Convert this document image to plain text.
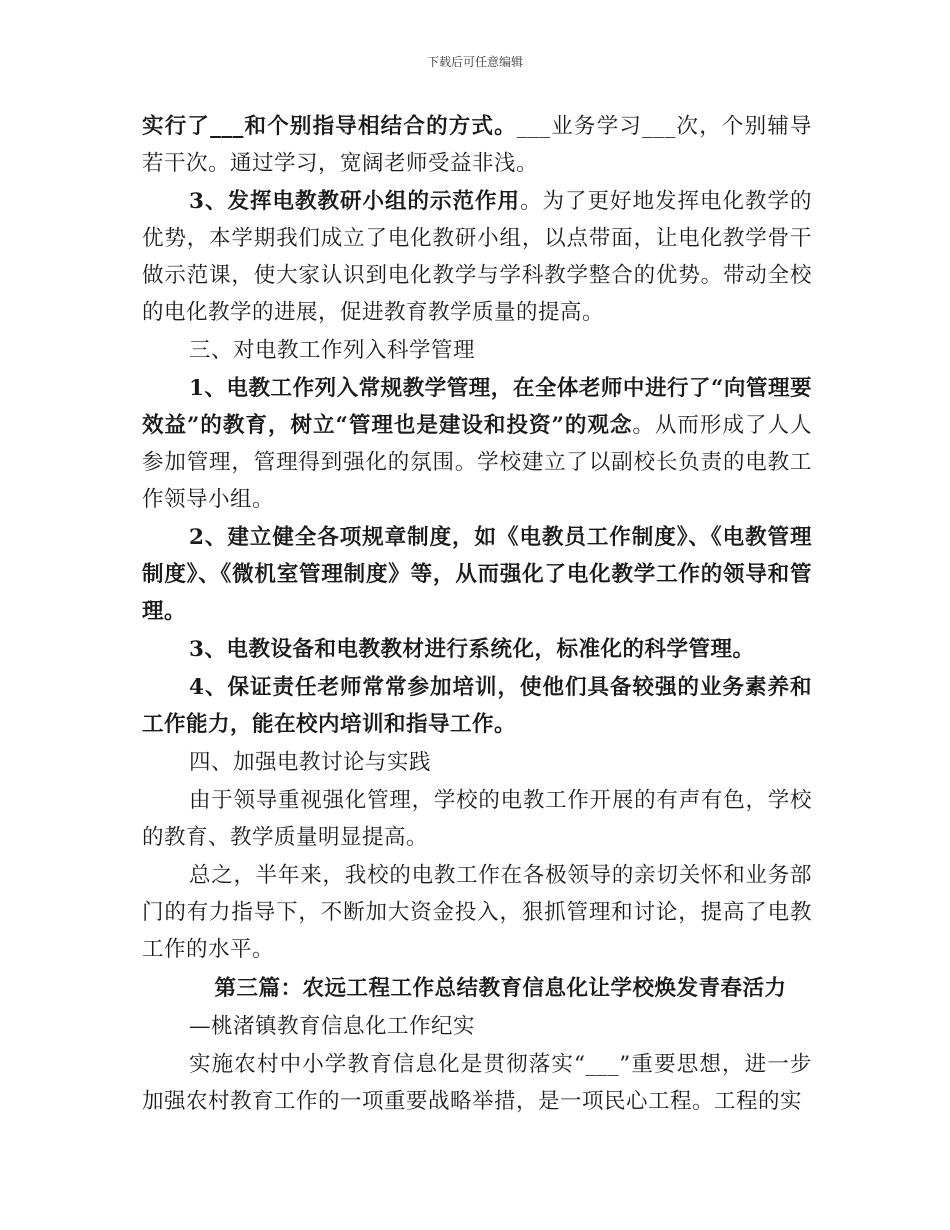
下载后可任意编辑

实行了___和个别指导相结合的方式。___业务学习___次，个别辅导若干次。通过学习，宽阔老师受益非浅。

3、发挥电教教研小组的示范作用。为了更好地发挥电化教学的优势，本学期我们成立了电化教研小组，以点带面，让电化教学骨干做示范课，使大家认识到电化教学与学科教学整合的优势。带动全校的电化教学的进展，促进教育教学质量的提高。

三、对电教工作列入科学管理

1、电教工作列入常规教学管理，在全体老师中进行了“向管理要效益”的教育，树立“管理也是建设和投资”的观念。从而形成了人人参加管理，管理得到强化的氛围。学校建立了以副校长负责的电教工作领导小组。

2、建立健全各项规章制度，如《电教员工作制度》、《电教管理制度》、《微机室管理制度》等，从而强化了电化教学工作的领导和管理。

3、电教设备和电教教材进行系统化，标准化的科学管理。

4、保证责任老师常常参加培训，使他们具备较强的业务素养和工作能力，能在校内培训和指导工作。

四、加强电教讨论与实践

由于领导重视强化管理，学校的电教工作开展的有声有色，学校的教育、教学质量明显提高。

总之，半年来，我校的电教工作在各极领导的亲切关怀和业务部门的有力指导下，不断加大资金投入，狠抓管理和讨论，提高了电教工作的水平。

第三篇：农远工程工作总结教育信息化让学校焕发青春活力

—桃渚镇教育信息化工作纪实

实施农村中小学教育信息化是贯彻落实“___”重要思想，进一步加强农村教育工作的一项重要战略举措，是一项民心工程。工程的实
